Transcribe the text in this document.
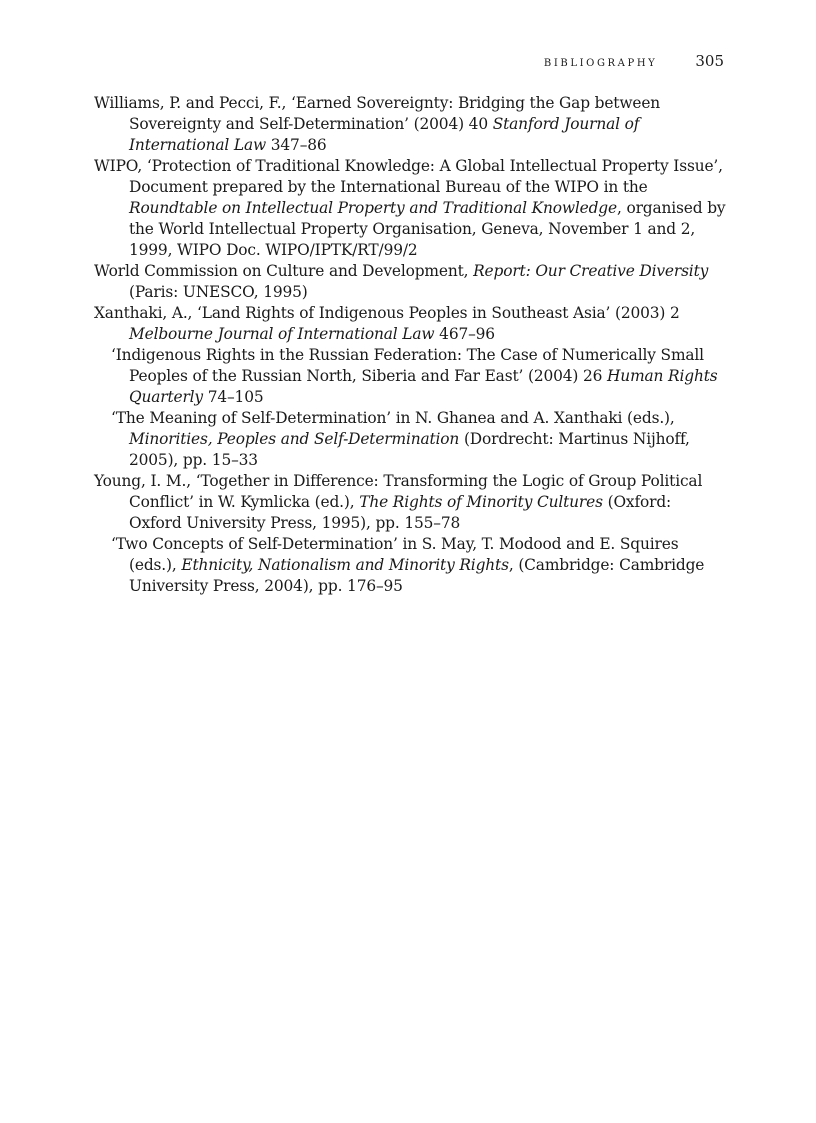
BIBLIOGRAPHY	305
Williams, P. and Pecci, F., ‘Earned Sovereignty: Bridging the Gap between Sovereignty and Self-Determination’ (2004) 40 Stanford Journal of International Law 347–86
WIPO, ‘Protection of Traditional Knowledge: A Global Intellectual Property Issue’, Document prepared by the International Bureau of the WIPO in the Roundtable on Intellectual Property and Traditional Knowledge, organised by the World Intellectual Property Organisation, Geneva, November 1 and 2, 1999, WIPO Doc. WIPO/IPTK/RT/99/2
World Commission on Culture and Development, Report: Our Creative Diversity (Paris: UNESCO, 1995)
Xanthaki, A., ‘Land Rights of Indigenous Peoples in Southeast Asia’ (2003) 2 Melbourne Journal of International Law 467–96
‘Indigenous Rights in the Russian Federation: The Case of Numerically Small Peoples of the Russian North, Siberia and Far East’ (2004) 26 Human Rights Quarterly 74–105
‘The Meaning of Self-Determination’ in N. Ghanea and A. Xanthaki (eds.), Minorities, Peoples and Self-Determination (Dordrecht: Martinus Nijhoff, 2005), pp. 15–33
Young, I. M., ‘Together in Difference: Transforming the Logic of Group Political Conflict’ in W. Kymlicka (ed.), The Rights of Minority Cultures (Oxford: Oxford University Press, 1995), pp. 155–78
‘Two Concepts of Self-Determination’ in S. May, T. Modood and E. Squires (eds.), Ethnicity, Nationalism and Minority Rights, (Cambridge: Cambridge University Press, 2004), pp. 176–95
